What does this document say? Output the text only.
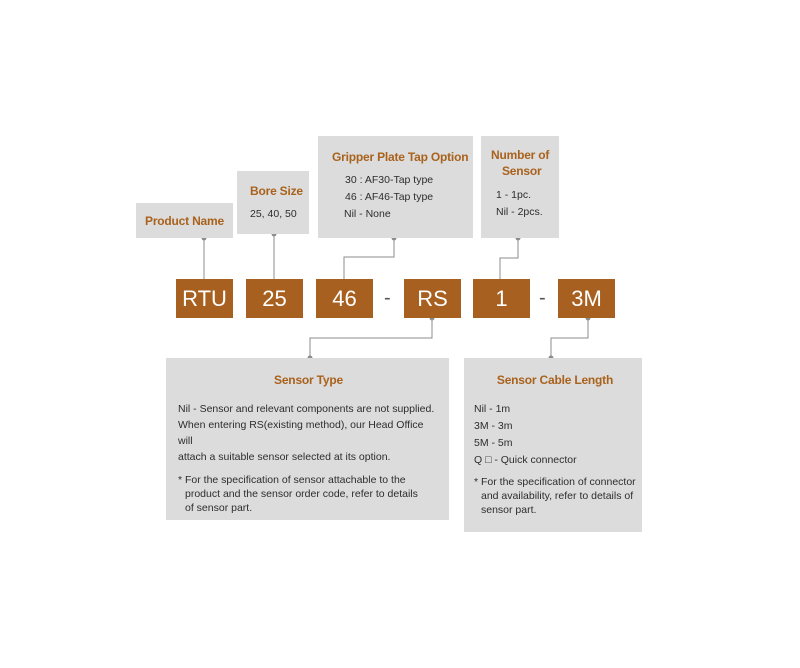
Product Name
Bore Size
25, 40, 50
Gripper Plate Tap Option
30 : AF30-Tap type
46 : AF46-Tap type
Nil - None
Number of
Sensor
1 - 1pc.
Nil - 2pcs.
RTU	25	46	-	RS	1	-	3M
Sensor Type
Nil - Sensor and relevant components are not supplied.
When entering RS(existing method), our Head Office will
attach a suitable sensor selected at its option.
* For the specification of sensor attachable to the
product and the sensor order code, refer to details
of sensor part.
Sensor Cable Length
Nil - 1m
3M - 3m
5M - 5m
Q □ - Quick connector
* For the specification of connector
and availability, refer to details of
sensor part.
